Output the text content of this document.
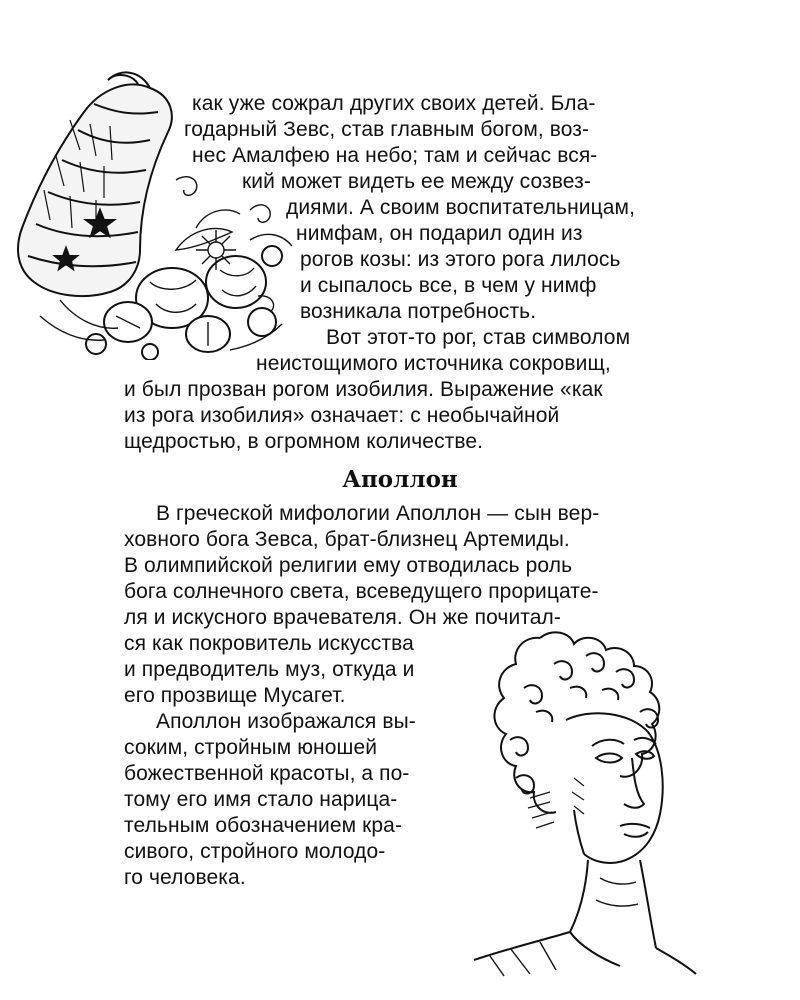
как уже сожрал других своих детей. Бла-
годарный Зевс, став главным богом, воз-
нес Амалфею на небо; там и сейчас вся-
кий может видеть ее между созвез-
диями. А своим воспитательницам,
нимфам, он подарил один из
рогов козы: из этого рога лилось
и сыпалось все, в чем у нимф
возникала потребность.
Вот этот-то рог, став символом
неистощимого источника сокровищ,
и был прозван рогом изобилия. Выражение «как
из рога изобилия» означает: с необычайной
щедростью, в огромном количестве.
Аполлон
В греческой мифологии Аполлон — сын вер-
ховного бога Зевса, брат-близнец Артемиды.
В олимпийской религии ему отводилась роль
бога солнечного света, всеведущего прорицате-
ля и искусного врачевателя. Он же почитал-
ся как покровитель искусства
и предводитель муз, откуда и
его прозвище Мусагет.
Аполлон изображался вы-
соким, стройным юношей
божественной красоты, а по-
тому его имя стало нарица-
тельным обозначением кра-
сивого, стройного молодо-
го человека.
